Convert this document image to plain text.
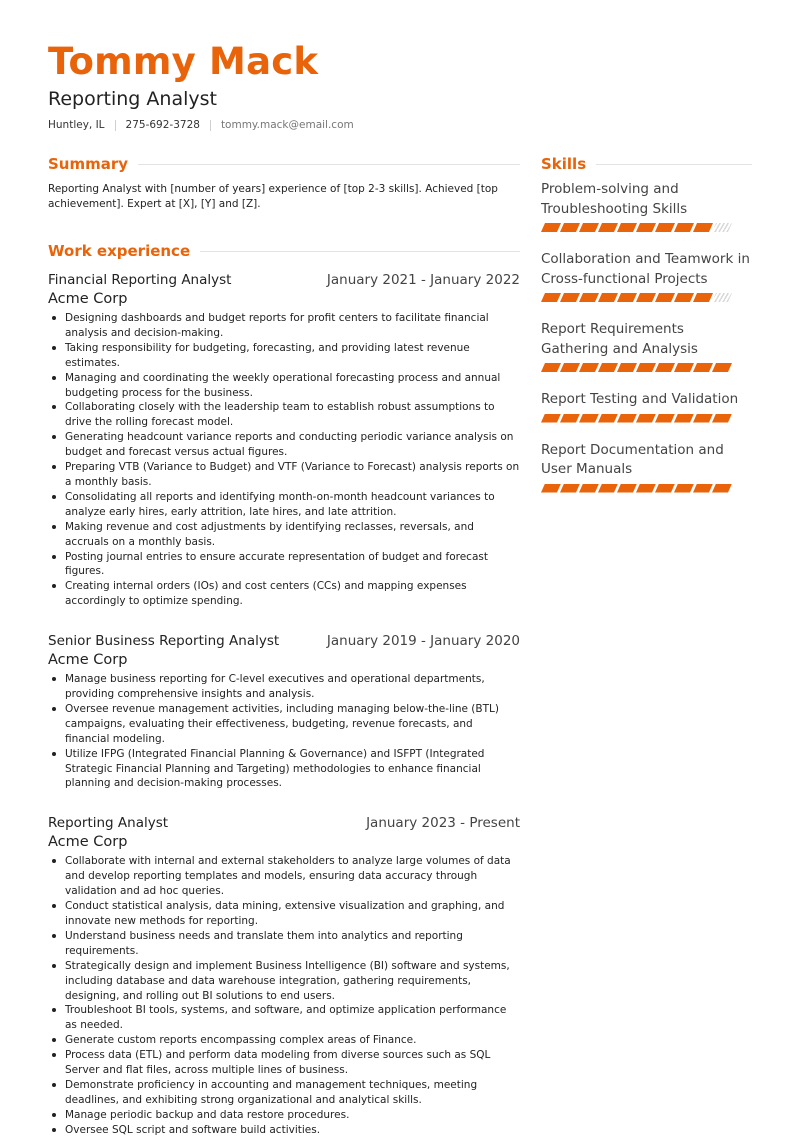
Tommy Mack
Reporting Analyst
Huntley, IL 275-692-3728 tommy.mack@email.com
Summary

Reporting Analyst with [number of years] experience of [top 2-3 skills]. Achieved [top achievement]. Expert at [X], [Y] and [Z].

Work experience
Financial Reporting Analyst	January 2021 - January 2022
Acme Corp
Designing dashboards and budget reports for profit centers to facilitate financial analysis and decision-making.
Taking responsibility for budgeting, forecasting, and providing latest revenue estimates.
Managing and coordinating the weekly operational forecasting process and annual budgeting process for the business.
Collaborating closely with the leadership team to establish robust assumptions to drive the rolling forecast model.
Generating headcount variance reports and conducting periodic variance analysis on budget and forecast versus actual figures.
Preparing VTB (Variance to Budget) and VTF (Variance to Forecast) analysis reports on a monthly basis.
Consolidating all reports and identifying month-on-month headcount variances to analyze early hires, early attrition, late hires, and late attrition.
Making revenue and cost adjustments by identifying reclasses, reversals, and accruals on a monthly basis.
Posting journal entries to ensure accurate representation of budget and forecast figures.
Creating internal orders (IOs) and cost centers (CCs) and mapping expenses accordingly to optimize spending.
Senior Business Reporting Analyst	January 2019 - January 2020
Acme Corp
Manage business reporting for C-level executives and operational departments, providing comprehensive insights and analysis.
Oversee revenue management activities, including managing below-the-line (BTL) campaigns, evaluating their effectiveness, budgeting, revenue forecasts, and financial modeling.
Utilize IFPG (Integrated Financial Planning & Governance) and ISFPT (Integrated Strategic Financial Planning and Targeting) methodologies to enhance financial planning and decision-making processes.
Reporting Analyst	January 2023 - Present
Acme Corp
Collaborate with internal and external stakeholders to analyze large volumes of data and develop reporting templates and models, ensuring data accuracy through validation and ad hoc queries.
Conduct statistical analysis, data mining, extensive visualization and graphing, and innovate new methods for reporting.
Understand business needs and translate them into analytics and reporting requirements.
Strategically design and implement Business Intelligence (BI) software and systems, including database and data warehouse integration, gathering requirements, designing, and rolling out BI solutions to end users.
Troubleshoot BI tools, systems, and software, and optimize application performance as needed.
Generate custom reports encompassing complex areas of Finance.
Process data (ETL) and perform data modeling from diverse sources such as SQL Server and flat files, across multiple lines of business.
Demonstrate proficiency in accounting and management techniques, meeting deadlines, and exhibiting strong organizational and analytical skills.
Manage periodic backup and data restore procedures.
Oversee SQL script and software build activities.
Skills
Problem-solving and Troubleshooting Skills
Collaboration and Teamwork in Cross-functional Projects
Report Requirements Gathering and Analysis
Report Testing and Validation
Report Documentation and User Manuals
